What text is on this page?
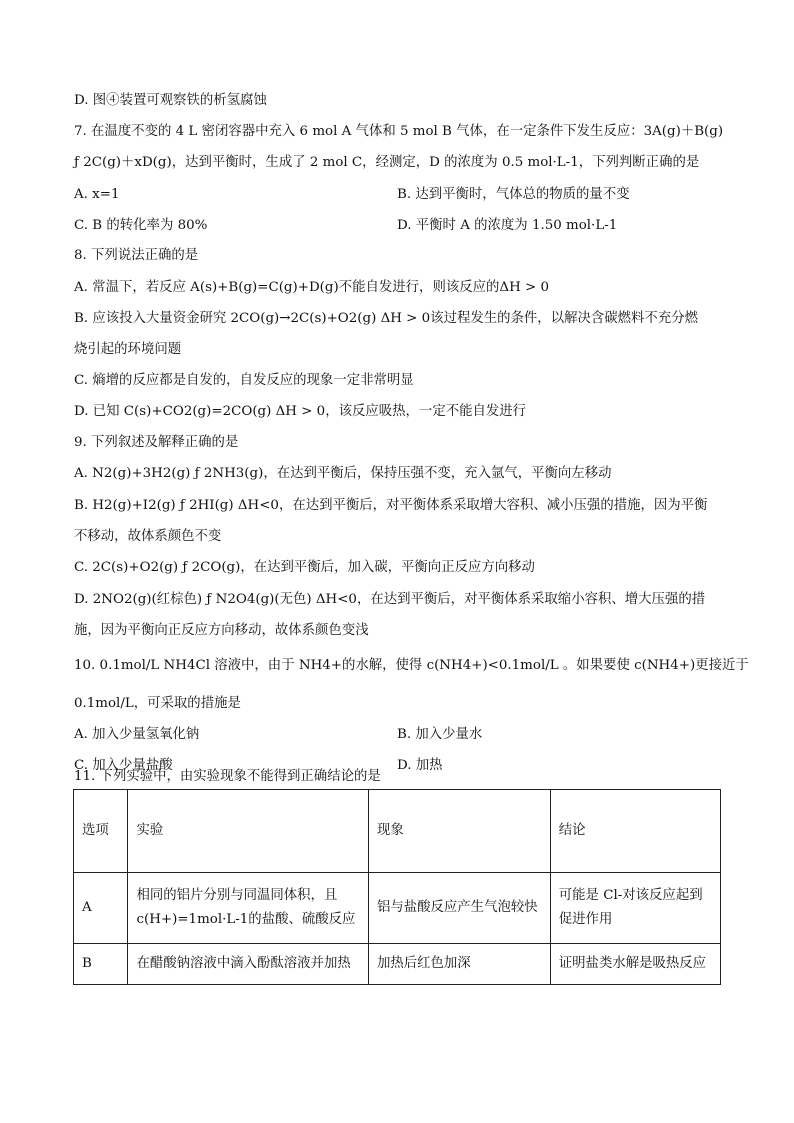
D. 图④装置可观察铁的析氢腐蚀
7. 在温度不变的 4 L 密闭容器中充入 6 mol A 气体和 5 mol B 气体，在一定条件下发生反应：3A(g)＋B(g)
ƒ 2C(g)＋xD(g)，达到平衡时，生成了 2 mol C，经测定，D 的浓度为 0.5 mol·L-1，下列判断正确的是
A. x=1	B. 达到平衡时，气体总的物质的量不变
C. B 的转化率为 80%	D. 平衡时 A 的浓度为 1.50 mol·L-1
8. 下列说法正确的是
A. 常温下，若反应 A(s)+B(g)=C(g)+D(g)不能自发进行，则该反应的ΔH > 0
B. 应该投入大量资金研究 2CO(g)→2C(s)+O2(g) ΔH > 0该过程发生的条件，以解决含碳燃料不充分燃
烧引起的环境问题
C. 熵增的反应都是自发的，自发反应的现象一定非常明显
D. 已知 C(s)+CO2(g)=2CO(g) ΔH > 0，该反应吸热，一定不能自发进行
9. 下列叙述及解释正确的是
A. N2(g)+3H2(g) ƒ 2NH3(g)，在达到平衡后，保持压强不变，充入氩气，平衡向左移动
B. H2(g)+I2(g) ƒ 2HI(g) ΔH<0，在达到平衡后，对平衡体系采取增大容积、减小压强的措施，因为平衡
不移动，故体系颜色不变
C. 2C(s)+O2(g) ƒ 2CO(g)，在达到平衡后，加入碳，平衡向正反应方向移动
D. 2NO2(g)(红棕色) ƒ N2O4(g)(无色) ΔH<0，在达到平衡后，对平衡体系采取缩小容积、增大压强的措
施，因为平衡向正反应方向移动，故体系颜色变浅
10. 0.1mol/L NH4Cl 溶液中，由于 NH4+的水解，使得 c(NH4+)<0.1mol/L 。如果要使 c(NH4+)更接近于
0.1mol/L，可采取的措施是
A. 加入少量氢氧化钠	B. 加入少量水
C. 加入少量盐酸	D. 加热
11. 下列实验中，由实验现象不能得到正确结论的是
选项	实验	现象	结论
A	相同的铝片分别与同温同体积，且 c(H+)=1mol·L-1的盐酸、硫酸反应	铝与盐酸反应产生气泡较快	可能是 Cl-对该反应起到促进作用
B	在醋酸钠溶液中滴入酚酞溶液并加热	加热后红色加深	证明盐类水解是吸热反应
